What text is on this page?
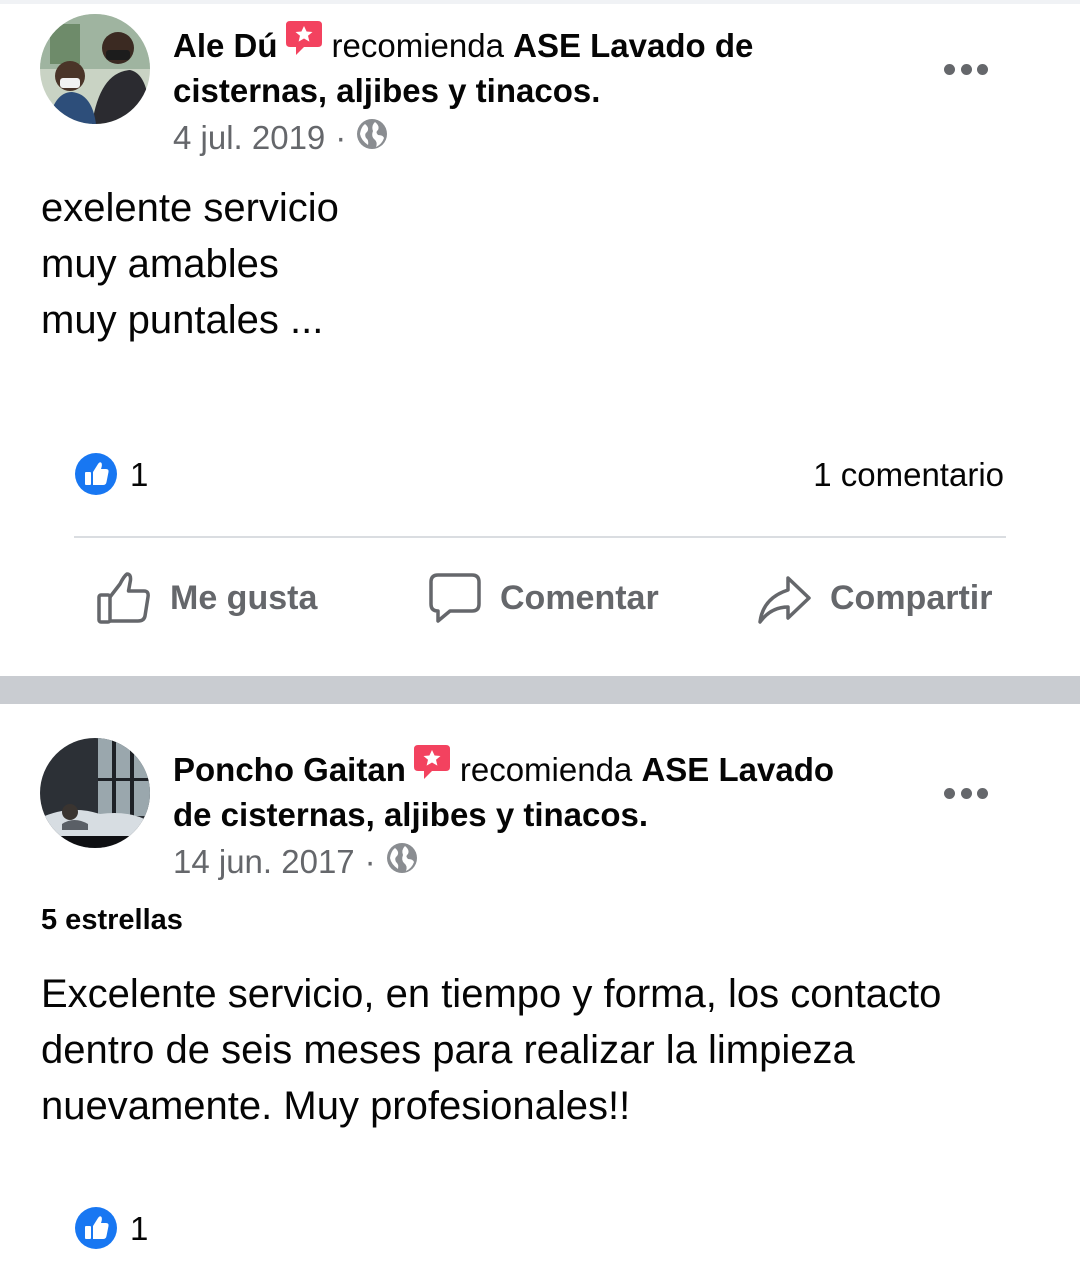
Ale Dú recomienda ASE Lavado de
cisternas, aljibes y tinacos.
4 jul. 2019 ·
exelente servicio
muy amables
muy puntales ...
1	1 comentario
Me gusta	Comentar	Compartir
Poncho Gaitan recomienda ASE Lavado
de cisternas, aljibes y tinacos.
14 jun. 2017 ·
5 estrellas
Excelente servicio, en tiempo y forma, los contacto
dentro de seis meses para realizar la limpieza
nuevamente. Muy profesionales!!
1
